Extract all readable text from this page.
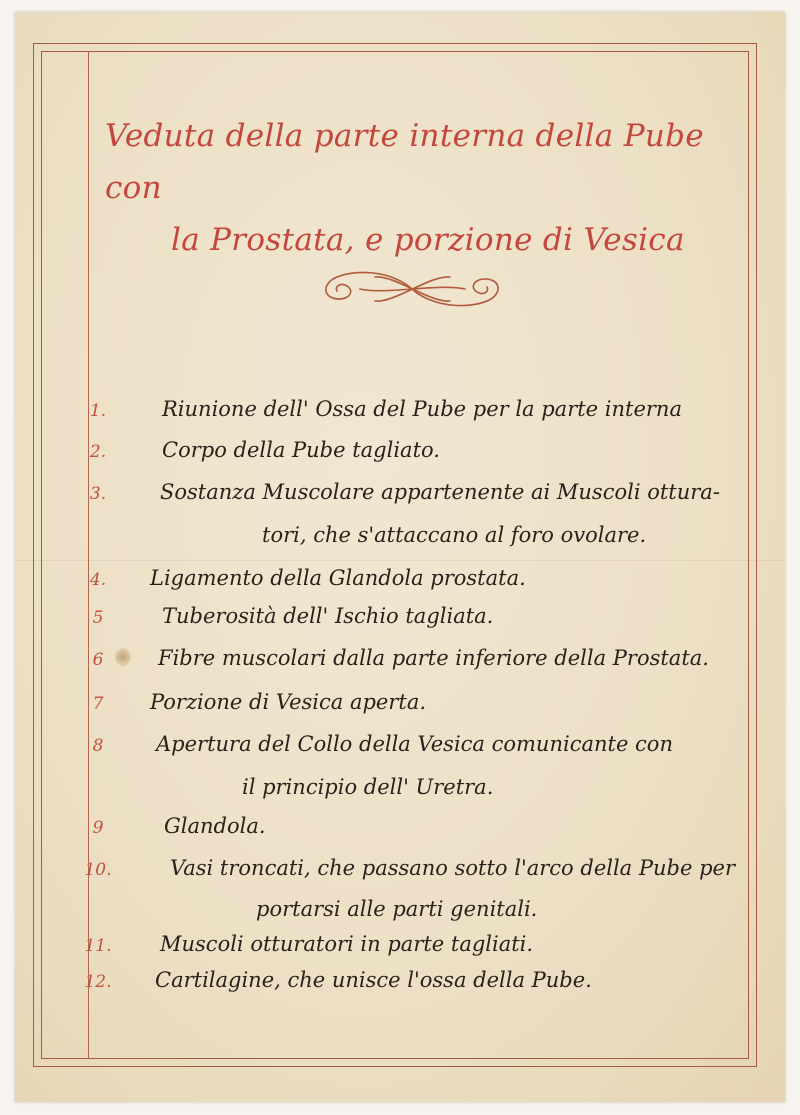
Veduta della parte interna della Pube con
la Prostata, e porzione di Vesica
1.	Riunione dell' Ossa del Pube per la parte interna
2.	Corpo della Pube tagliato.
3.	Sostanza Muscolare appartenente ai Muscoli ottura-
tori, che s'attaccano al foro ovolare.
4.	Ligamento della Glandola prostata.
5	Tuberosità dell' Ischio tagliata.
6	Fibre muscolari dalla parte inferiore della Prostata.
7	Porzione di Vesica aperta.
8	Apertura del Collo della Vesica comunicante con
il principio dell' Uretra.
9	Glandola.
10.	Vasi troncati, che passano sotto l'arco della Pube per
portarsi alle parti genitali.
11.	Muscoli otturatori in parte tagliati.
12.	Cartilagine, che unisce l'ossa della Pube.
